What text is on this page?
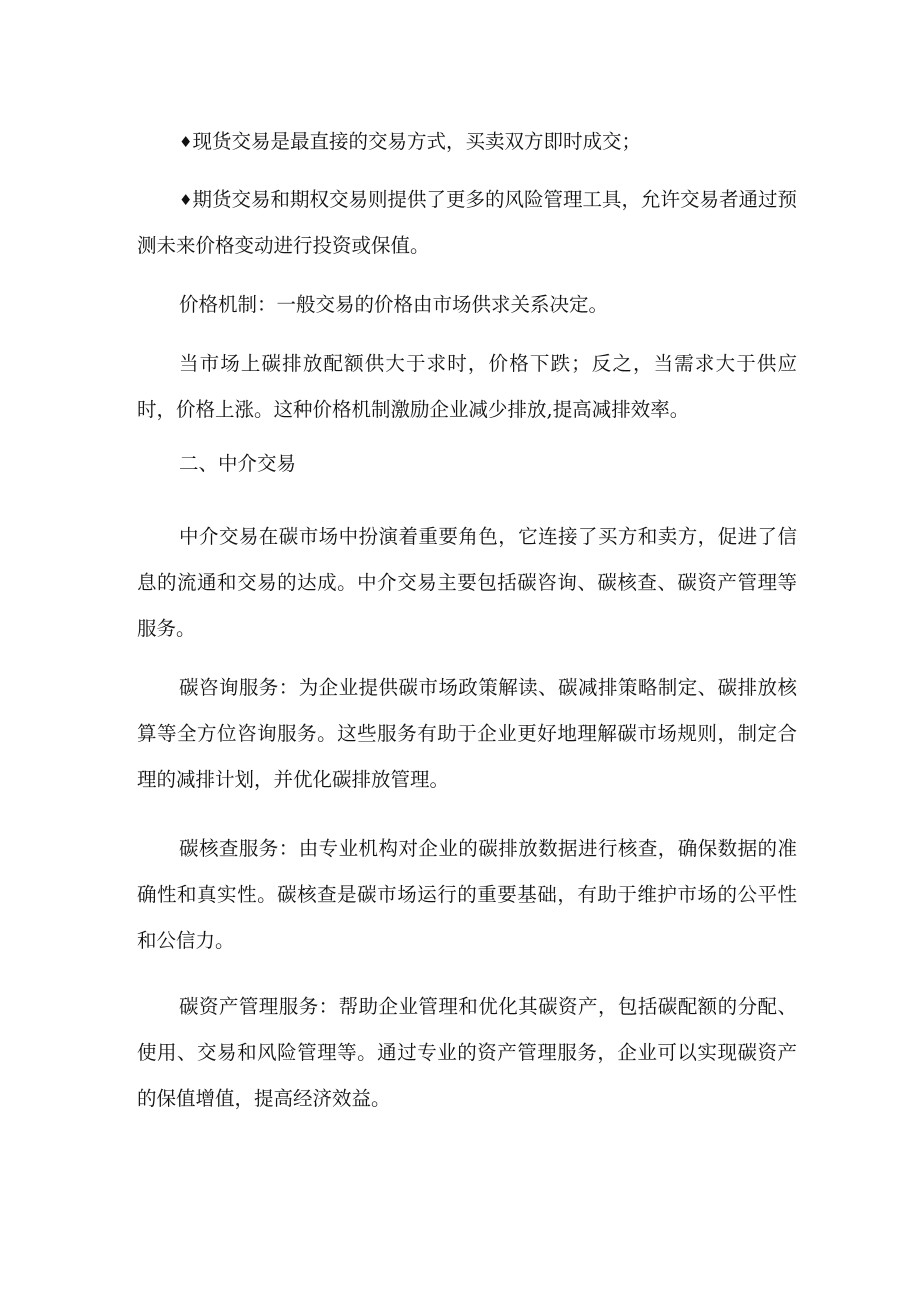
♦现货交易是最直接的交易方式，买卖双方即时成交；

♦期货交易和期权交易则提供了更多的风险管理工具，允许交易者通过预测未来价格变动进行投资或保值。

价格机制：一般交易的价格由市场供求关系决定。

当市场上碳排放配额供大于求时，价格下跌；反之，当需求大于供应时，价格上涨。这种价格机制激励企业减少排放,提高减排效率。

二、中介交易

中介交易在碳市场中扮演着重要角色，它连接了买方和卖方，促进了信息的流通和交易的达成。中介交易主要包括碳咨询、碳核查、碳资产管理等服务。

碳咨询服务：为企业提供碳市场政策解读、碳减排策略制定、碳排放核算等全方位咨询服务。这些服务有助于企业更好地理解碳市场规则，制定合理的减排计划，并优化碳排放管理。

碳核查服务：由专业机构对企业的碳排放数据进行核查，确保数据的准确性和真实性。碳核查是碳市场运行的重要基础，有助于维护市场的公平性和公信力。

碳资产管理服务：帮助企业管理和优化其碳资产，包括碳配额的分配、使用、交易和风险管理等。通过专业的资产管理服务，企业可以实现碳资产的保值增值，提高经济效益。
